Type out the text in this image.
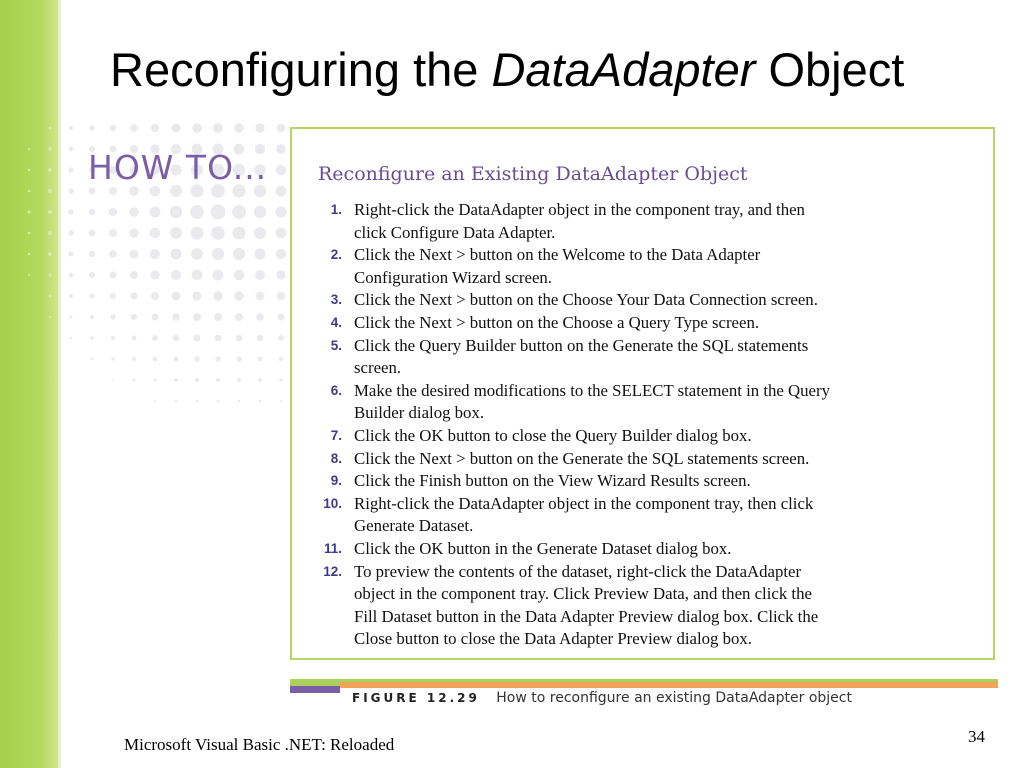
Reconfiguring the DataAdapter Object
HOW TO...	Reconfigure an Existing DataAdapter Object
1. Right-click the DataAdapter object in the component tray, and then
click Configure Data Adapter.
2. Click the Next > button on the Welcome to the Data Adapter
Configuration Wizard screen.
3. Click the Next > button on the Choose Your Data Connection screen.
4. Click the Next > button on the Choose a Query Type screen.
5. Click the Query Builder button on the Generate the SQL statements
screen.
6. Make the desired modifications to the SELECT statement in the Query
Builder dialog box.
7. Click the OK button to close the Query Builder dialog box.
8. Click the Next > button on the Generate the SQL statements screen.
9. Click the Finish button on the View Wizard Results screen.
10. Right-click the DataAdapter object in the component tray, then click
Generate Dataset.
11. Click the OK button in the Generate Dataset dialog box.
12. To preview the contents of the dataset, right-click the DataAdapter
object in the component tray. Click Preview Data, and then click the
Fill Dataset button in the Data Adapter Preview dialog box. Click the
Close button to close the Data Adapter Preview dialog box.
FIGURE 12.29 How to reconfigure an existing DataAdapter object
Microsoft Visual Basic .NET: Reloaded	34
